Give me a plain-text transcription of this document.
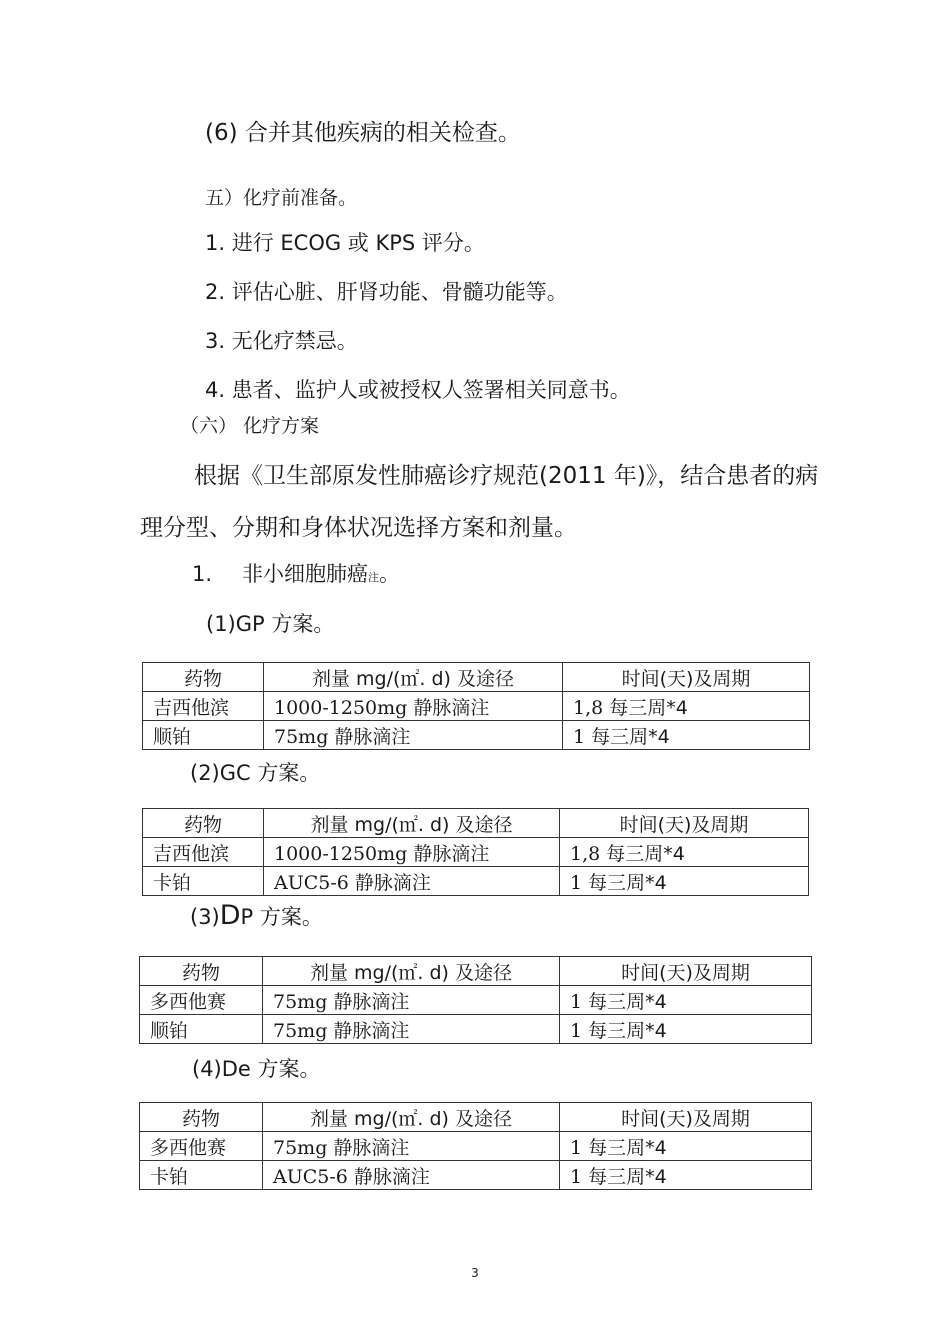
(6) 合并其他疾病的相关检查。
五）化疗前准备。
1. 进行 ECOG 或 KPS 评分。
2. 评估心脏、肝肾功能、骨髓功能等。
3. 无化疗禁忌。
4. 患者、监护人或被授权人签署相关同意书。
（六） 化疗方案
根据《卫生部原发性肺癌诊疗规范(2011 年)》，结合患者的病理分型、分期和身体状况选择方案和剂量。
1. 非小细胞肺癌注。
(1)GP 方案。
药物	剂量 mg/(㎡. d) 及途径	时间(天)及周期
吉西他滨	1000-1250mg 静脉滴注	1,8 每三周*4
顺铂	75mg 静脉滴注	1 每三周*4
(2)GC 方案。
药物	剂量 mg/(㎡. d) 及途径	时间(天)及周期
吉西他滨	1000-1250mg 静脉滴注	1,8 每三周*4
卡铂	AUC5-6 静脉滴注	1 每三周*4
(3)DP 方案。
药物	剂量 mg/(㎡. d) 及途径	时间(天)及周期
多西他赛	75mg 静脉滴注	1 每三周*4
顺铂	75mg 静脉滴注	1 每三周*4
(4)De 方案。
药物	剂量 mg/(㎡. d) 及途径	时间(天)及周期
多西他赛	75mg 静脉滴注	1 每三周*4
卡铂	AUC5-6 静脉滴注	1 每三周*4
3
